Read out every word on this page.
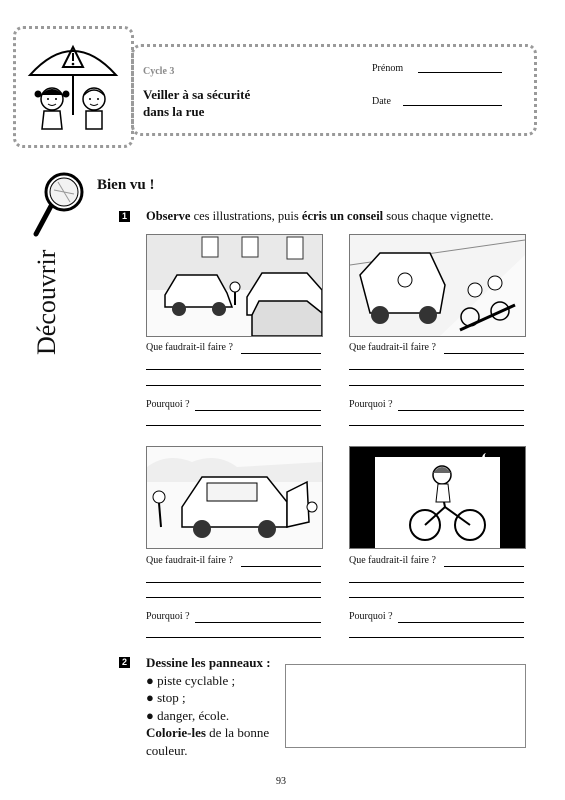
Cycle 3
Veiller à sa sécurité
dans la rue
Prénom
Date
Découvrir
Bien vu !
1 Observe ces illustrations, puis écris un conseil sous chaque vignette.
Que faudrait-il faire ?
Pourquoi ?
Que faudrait-il faire ?
Pourquoi ?
Que faudrait-il faire ?
Pourquoi ?
Que faudrait-il faire ?
Pourquoi ?
2 Dessine les panneaux :
● piste cyclable ;
● stop ;
● danger, école.
Colorie-les de la bonne
couleur.
93
